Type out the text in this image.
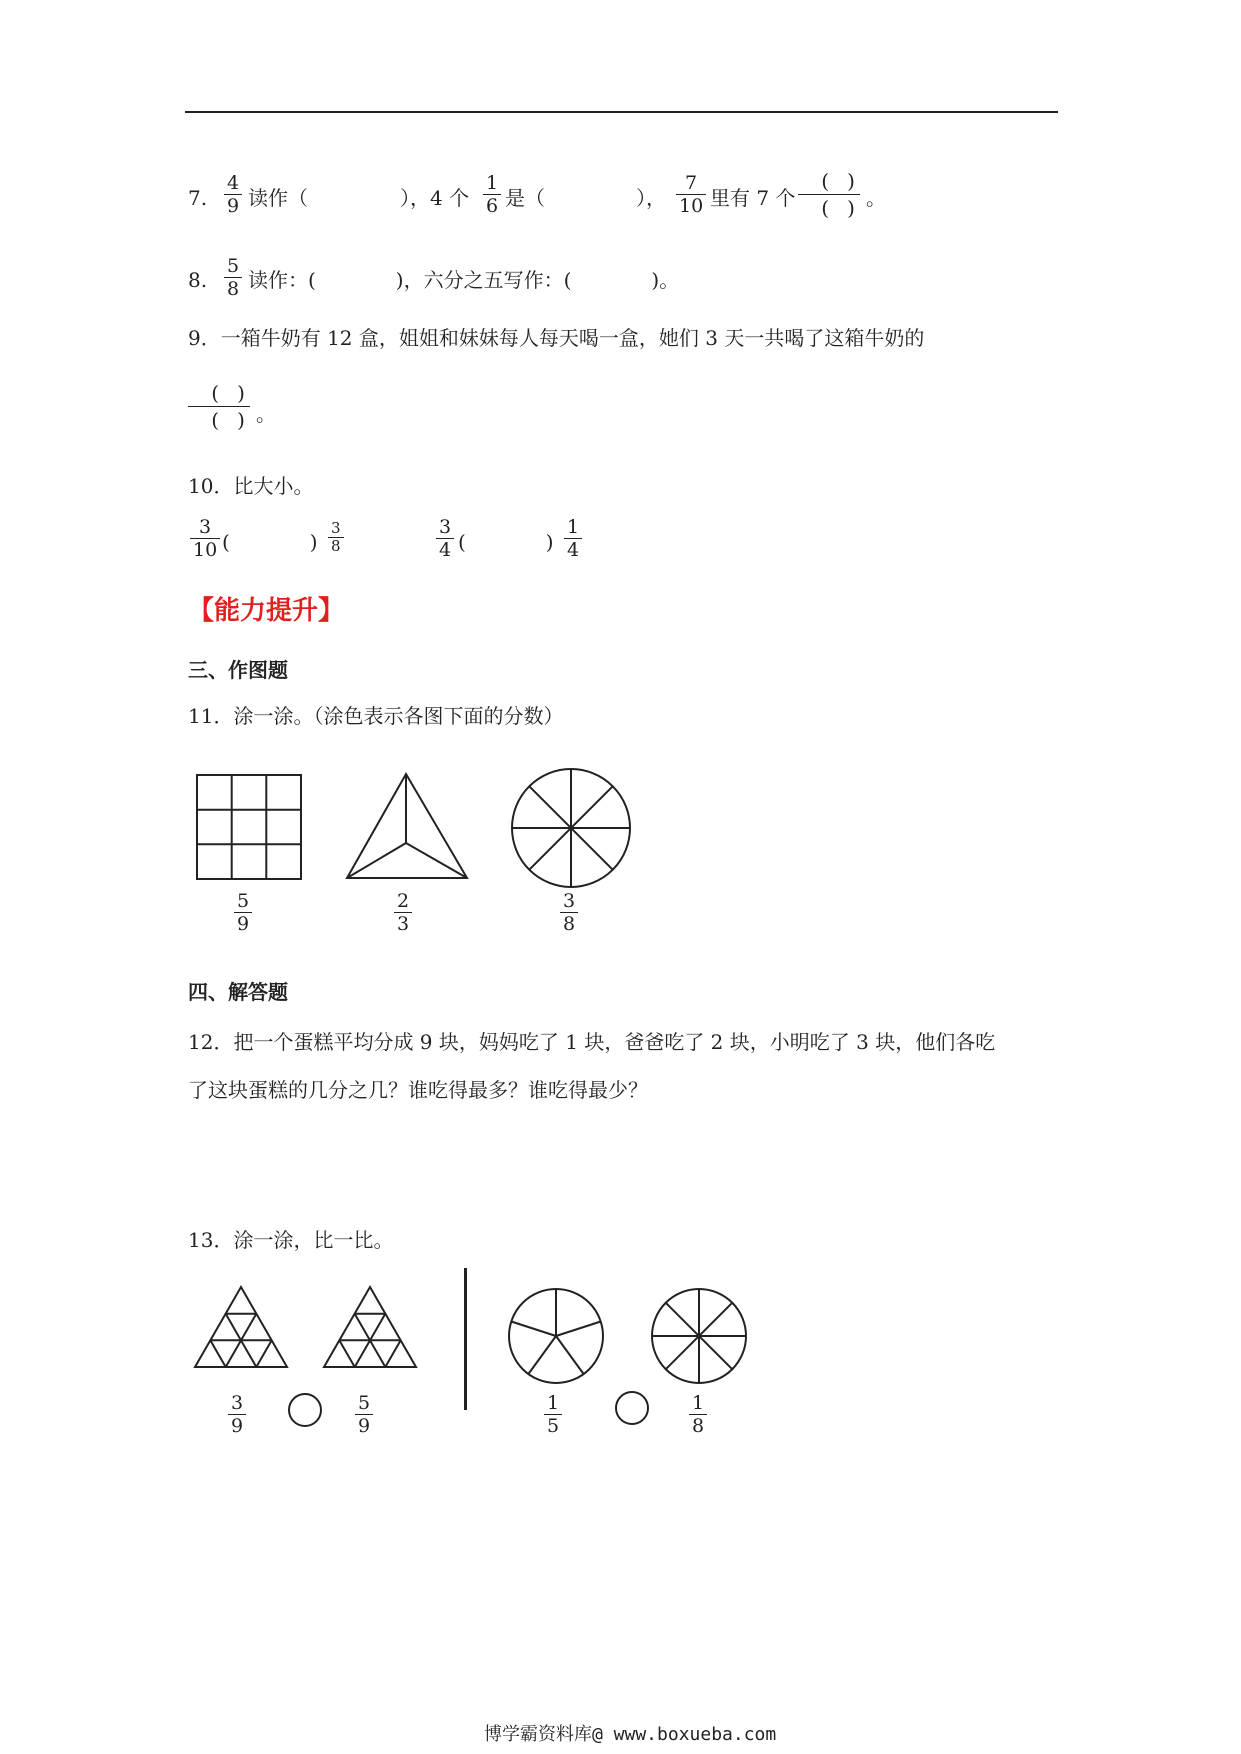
7. $\frac{4}{9}$ 读作（	），4 个 $\frac{1}{6}$ 是（	）， $\frac{7}{10}$ 里有 7 个
( )
( ) 。
8. $\frac{5}{8}$ 读作：(　　　　)，六分之五写作：(　　　　)。
9．一箱牛奶有 12 盒，姐姐和妹妹每人每天喝一盒，她们 3 天一共喝了这箱牛奶的
( )
( ) 。
10．比大小。
$\frac{3}{10}$ (　　　　) $\frac{3}{8}$	$\frac{3}{4}$ (　　　　) $\frac{1}{4}$
【能力提升】
三、作图题
11．涂一涂。（涂色表示各图下面的分数）
$\frac{5}{9}$	$\frac{2}{3}$	$\frac{3}{8}$
四、解答题
12．把一个蛋糕平均分成 9 块，妈妈吃了 1 块，爸爸吃了 2 块，小明吃了 3 块，他们各吃
了这块蛋糕的几分之几？谁吃得最多？谁吃得最少？
13．涂一涂，比一比。
$\frac{3}{9}$	$\frac{5}{9}$	$\frac{1}{5}$	$\frac{1}{8}$
博学霸资料库@ www.boxueba.com
